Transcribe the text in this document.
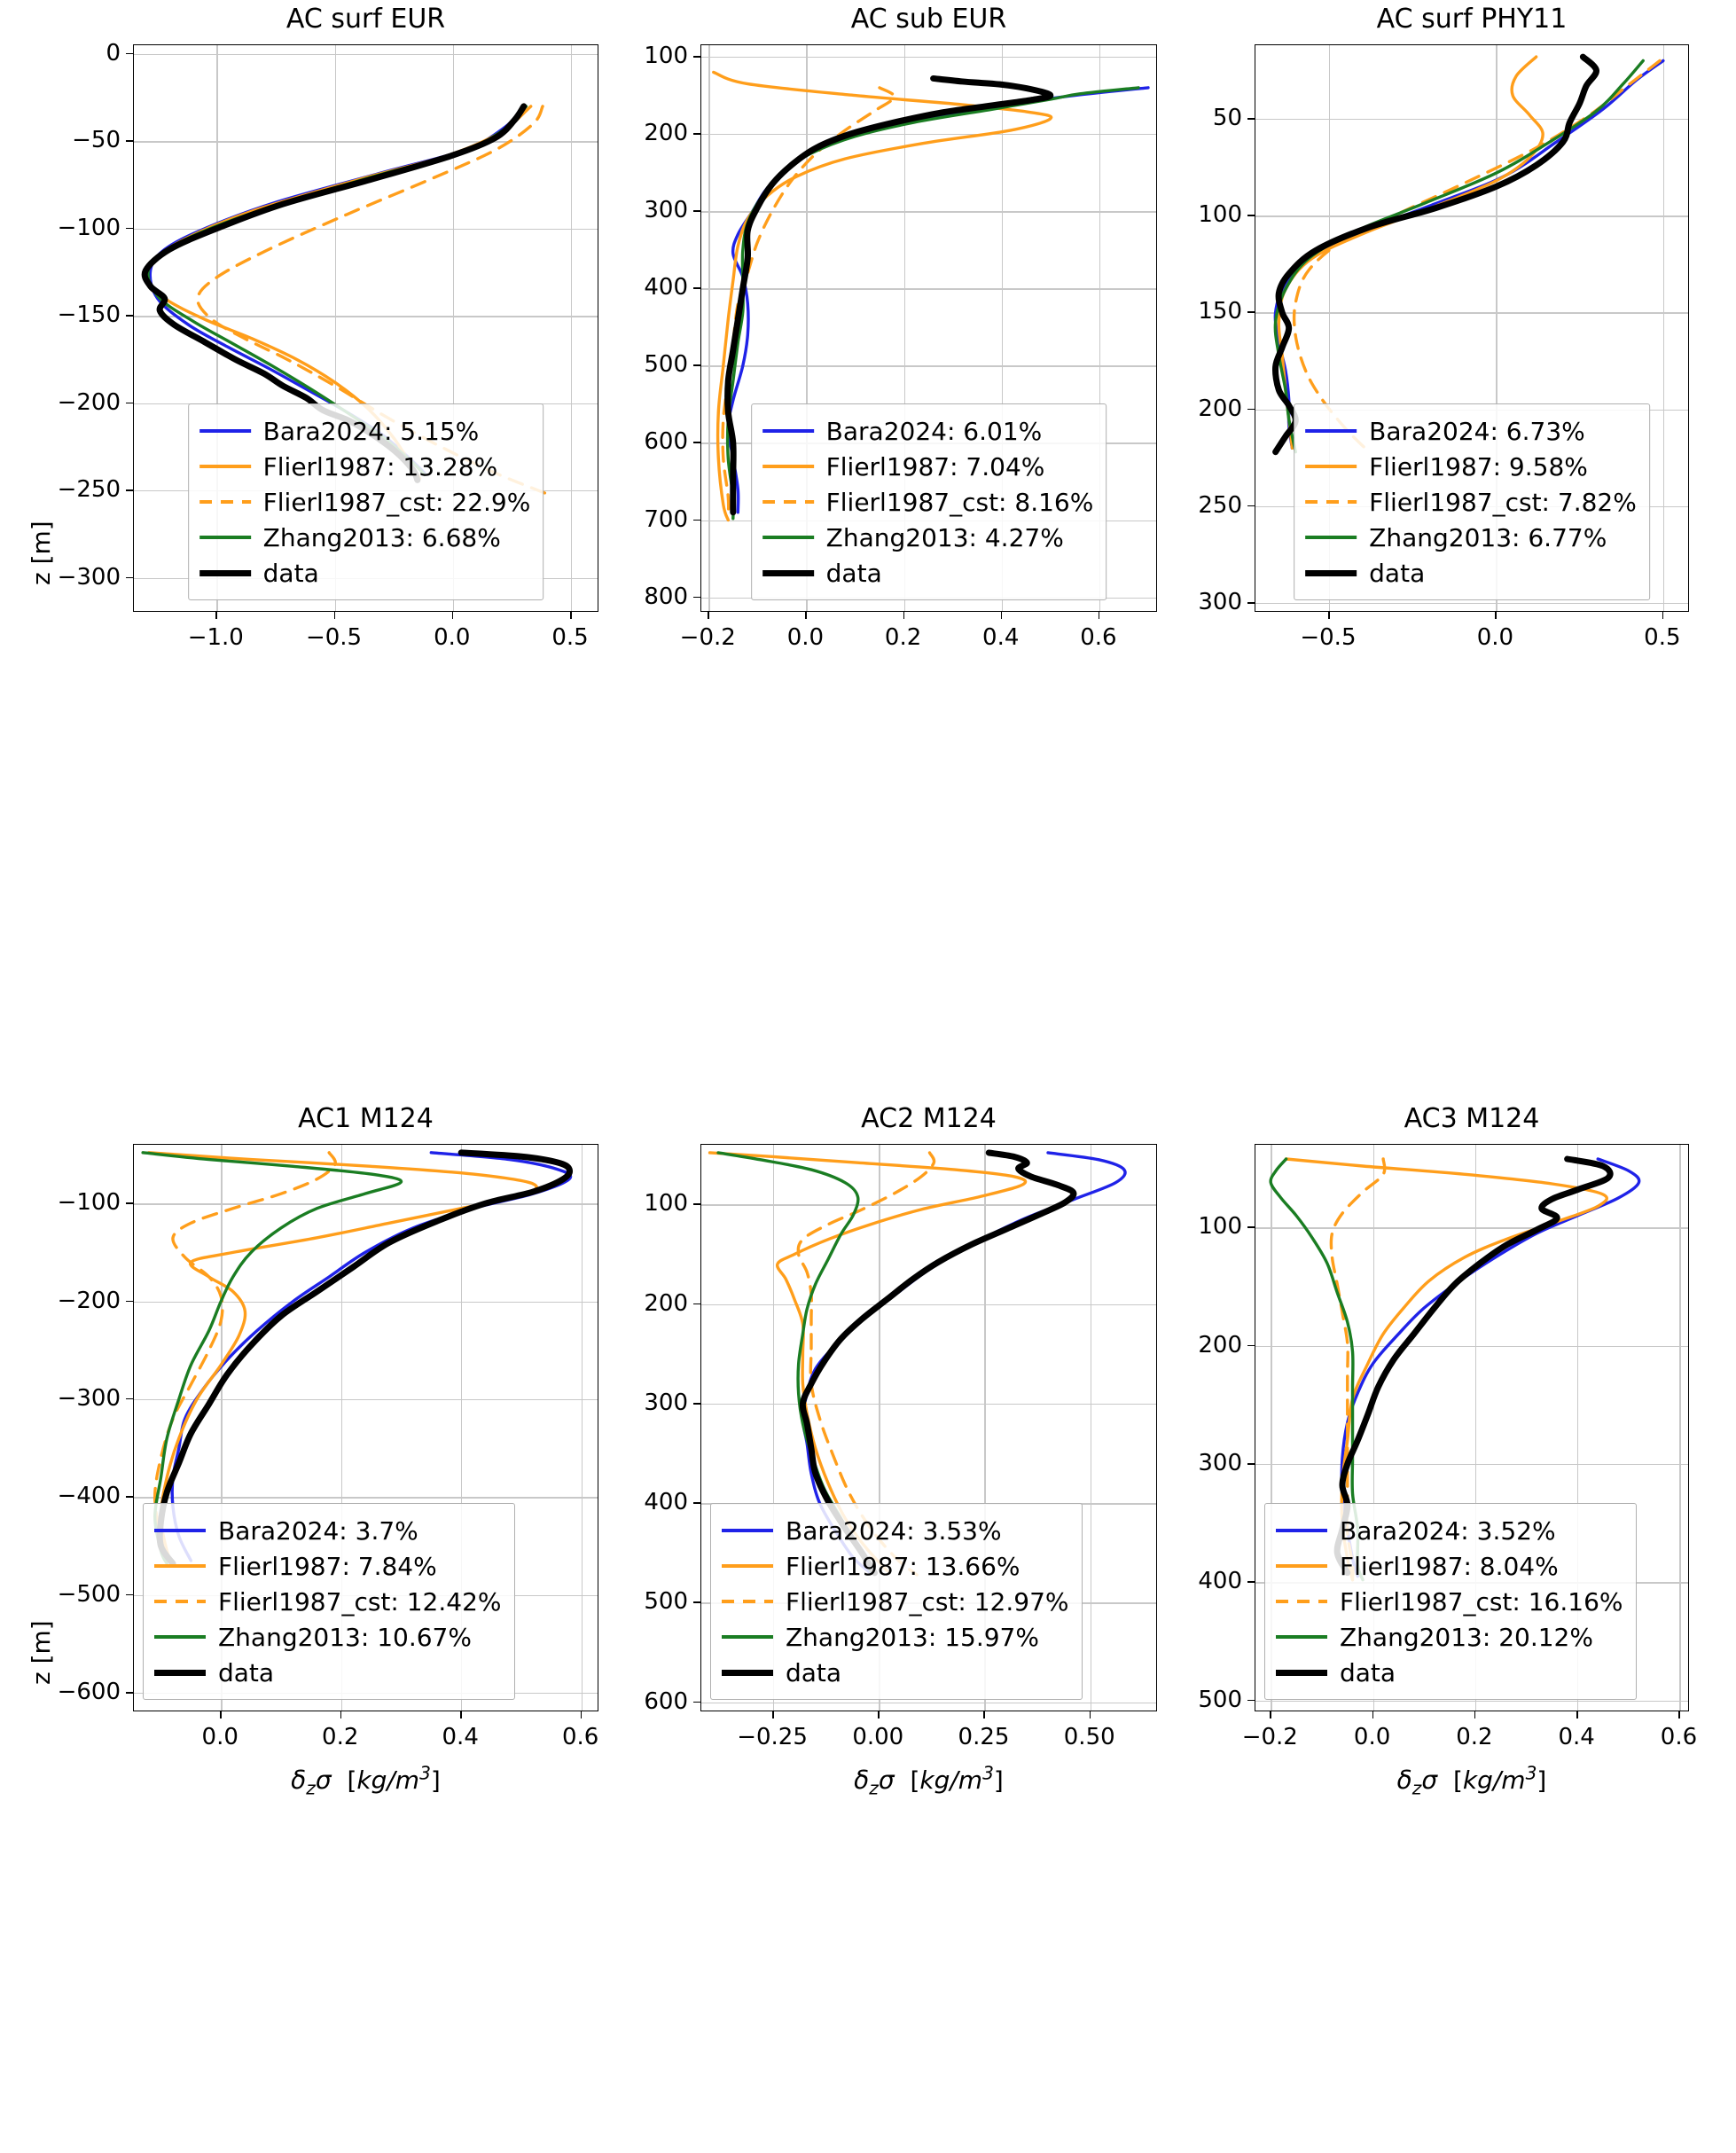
AC surf EUR
Bara2024: 5.15%
Flierl1987: 13.28%
Flierl1987_cst: 22.9%
Zhang2013: 6.68%
data
−1.0	−0.5	0.0	0.5
0
−50
−100
−150
−200
−250
−300
AC sub EUR
Bara2024: 6.01%
Flierl1987: 7.04%
Flierl1987_cst: 8.16%
Zhang2013: 4.27%
data
−0.2 0.0	0.2	0.4	0.6
100
200
300
400
500
600
700
800
AC surf PHY11
Bara2024: 6.73%
Flierl1987: 9.58%
Flierl1987_cst: 7.82%
Zhang2013: 6.77%
data
−0.5	0.0	0.5
50
100
150
200
250
300
AC1 M124
Bara2024: 3.7%
Flierl1987: 7.84%
Flierl1987_cst: 12.42%
Zhang2013: 10.67%
data
0.0	0.2	0.4	0.6
−100
−200
−300
−400
−500
−600
$\delta_z\sigma$  $[kg/m^3]$
AC2 M124
Bara2024: 3.53%
Flierl1987: 13.66%
Flierl1987_cst: 12.97%
Zhang2013: 15.97%
data
−0.25 0.00 0.25 0.50
100
200
300
400
500
600
$\delta_z\sigma$  $[kg/m^3]$
AC3 M124
Bara2024: 3.52%
Flierl1987: 8.04%
Flierl1987_cst: 16.16%
Zhang2013: 20.12%
data
−0.2 0.0	0.2	0.4	0.6
100
200
300
400
500
$\delta_z\sigma$  $[kg/m^3]$
z [m]
z [m]
